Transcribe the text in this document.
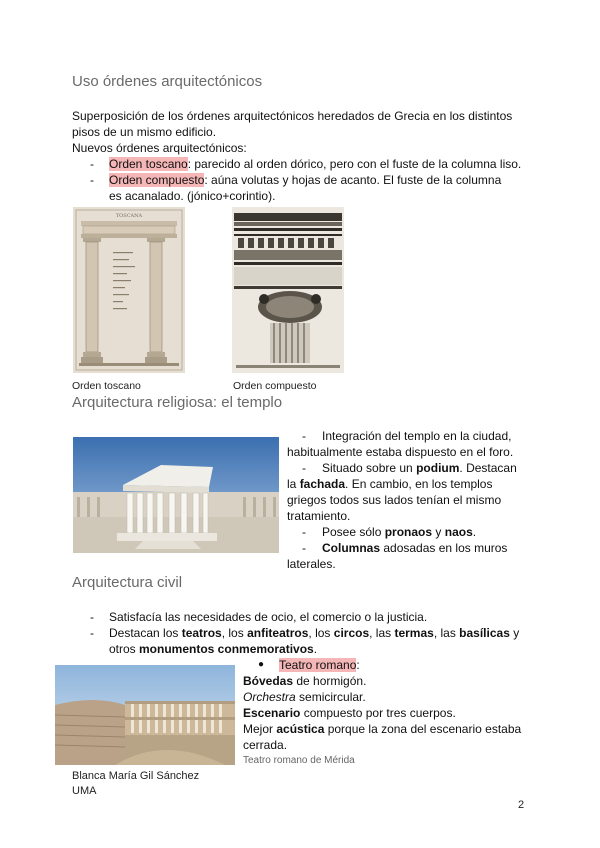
Uso órdenes arquitectónicos
Superposición de los órdenes arquitectónicos heredados de Grecia en los distintos pisos de un mismo edificio.
Nuevos órdenes arquitectónicos:
- Orden toscano: parecido al orden dórico, pero con el fuste de la columna liso.
- Orden compuesto: aúna volutas y hojas de acanto. El fuste de la columna es acanalado. (jónico+corintio).
TOSCANA
Orden toscano	Orden compuesto
Arquitectura religiosa: el templo
- Integración del templo en la ciudad,
habitualmente estaba dispuesto en el foro.
- Situado sobre un podium. Destacan
la fachada. En cambio, en los templos
griegos todos sus lados tenían el mismo
tratamiento.
- Posee sólo pronaos y naos.
- Columnas adosadas en los muros
laterales.
Arquitectura civil
- Satisfacía las necesidades de ocio, el comercio o la justicia.
- Destacan los teatros, los anfiteatros, los circos, las termas, las basílicas y
otros monumentos conmemorativos.
● Teatro romano:
Bóvedas de hormigón.
Orchestra semicircular.
Escenario compuesto por tres cuerpos.
Mejor acústica porque la zona del escenario estaba
cerrada.
Teatro romano de Mérida
Blanca María Gil Sánchez
UMA
2
